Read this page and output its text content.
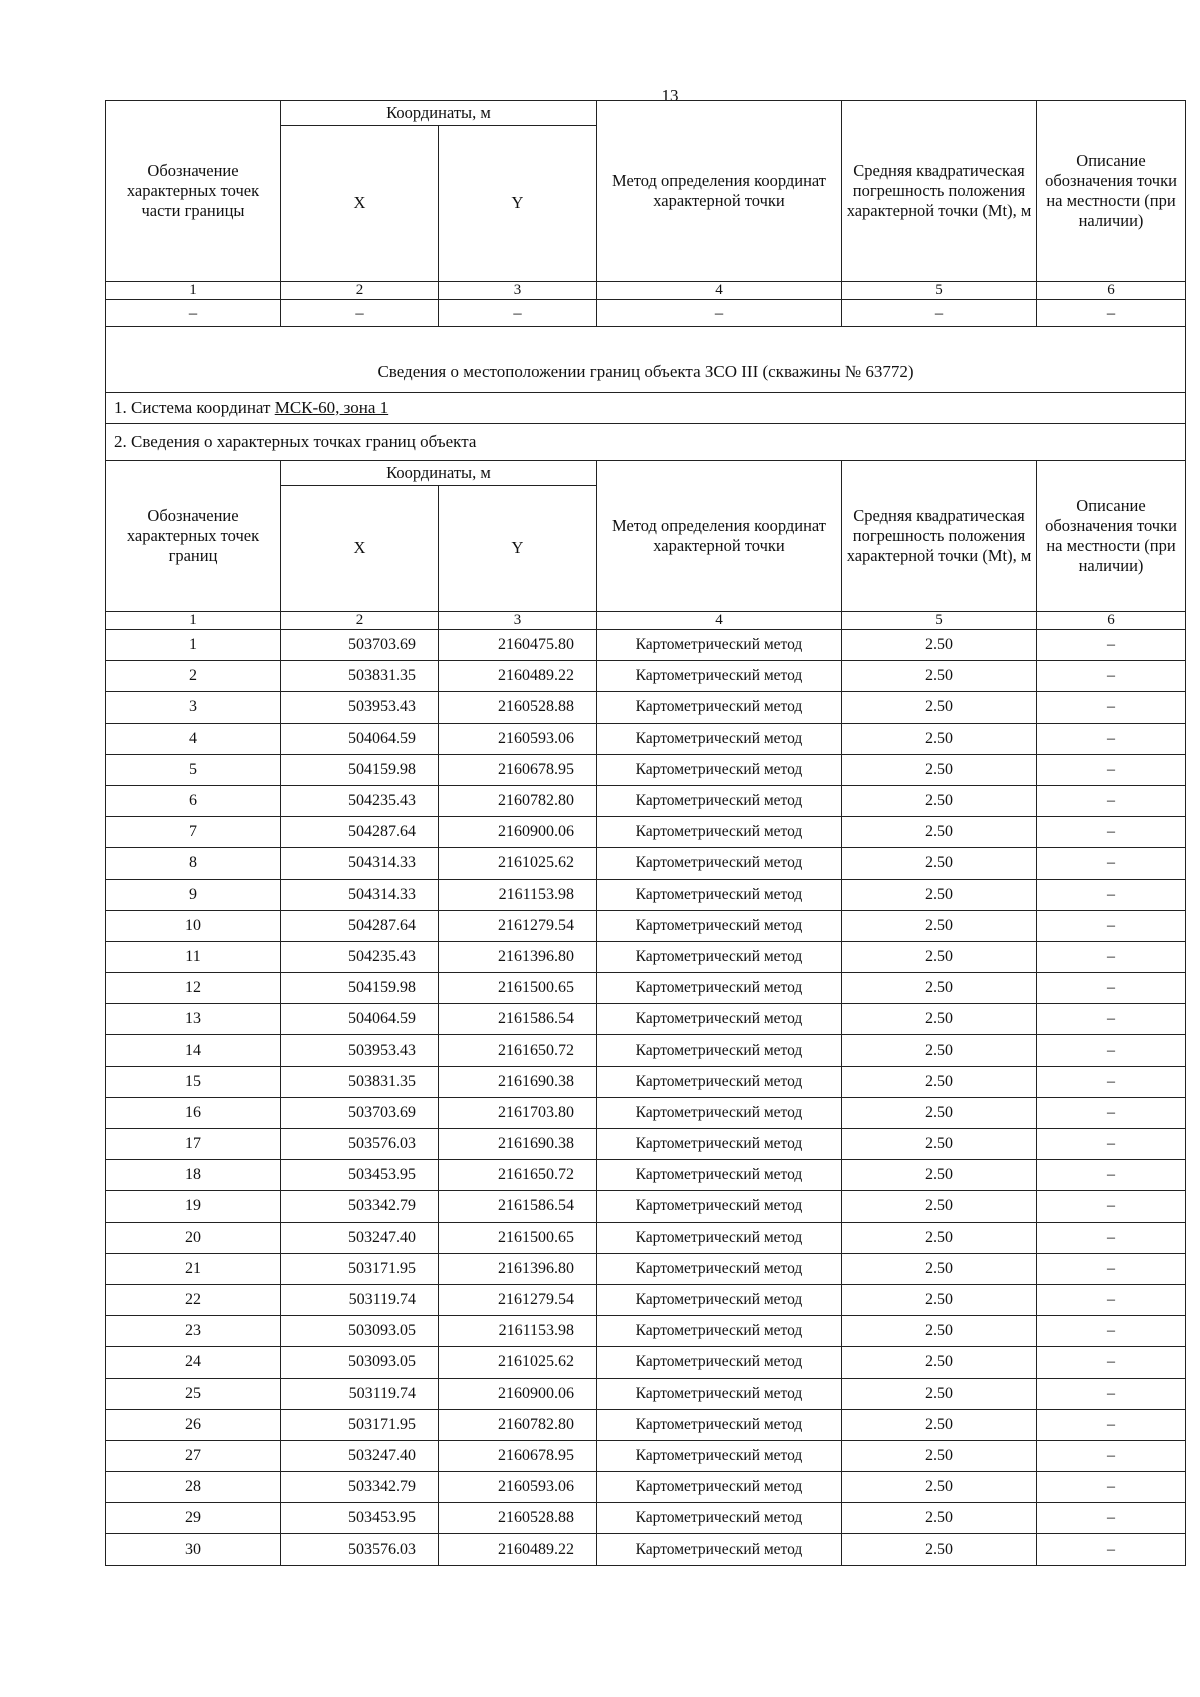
13
Обозначение характерных точек части границы	Координаты, м		Метод определения координат характерной точки	Средняя квадратическая погрешность положения характерной точки (Mt), м	Описание обозначения точки на местности (при наличии)
	X	Y			
1	2	3	4	5	6
–	–	–	–	–	–

Сведения о местоположении границ объекта ЗСО III (скважины № 63772)					
1. Система координат МСК-60, зона 1					
2. Сведения о характерных точках границ объекта					
Обозначение характерных точек границ	Координаты, м		Метод определения координат характерной точки	Средняя квадратическая погрешность положения характерной точки (Mt), м	Описание обозначения точки на местности (при наличии)
	X	Y			
1	2	3	4	5	6
1	503703.69	2160475.80	Картометрический метод	2.50	–
2	503831.35	2160489.22	Картометрический метод	2.50	–
3	503953.43	2160528.88	Картометрический метод	2.50	–
4	504064.59	2160593.06	Картометрический метод	2.50	–
5	504159.98	2160678.95	Картометрический метод	2.50	–
6	504235.43	2160782.80	Картометрический метод	2.50	–
7	504287.64	2160900.06	Картометрический метод	2.50	–
8	504314.33	2161025.62	Картометрический метод	2.50	–
9	504314.33	2161153.98	Картометрический метод	2.50	–
10	504287.64	2161279.54	Картометрический метод	2.50	–
11	504235.43	2161396.80	Картометрический метод	2.50	–
12	504159.98	2161500.65	Картометрический метод	2.50	–
13	504064.59	2161586.54	Картометрический метод	2.50	–
14	503953.43	2161650.72	Картометрический метод	2.50	–
15	503831.35	2161690.38	Картометрический метод	2.50	–
16	503703.69	2161703.80	Картометрический метод	2.50	–
17	503576.03	2161690.38	Картометрический метод	2.50	–
18	503453.95	2161650.72	Картометрический метод	2.50	–
19	503342.79	2161586.54	Картометрический метод	2.50	–
20	503247.40	2161500.65	Картометрический метод	2.50	–
21	503171.95	2161396.80	Картометрический метод	2.50	–
22	503119.74	2161279.54	Картометрический метод	2.50	–
23	503093.05	2161153.98	Картометрический метод	2.50	–
24	503093.05	2161025.62	Картометрический метод	2.50	–
25	503119.74	2160900.06	Картометрический метод	2.50	–
26	503171.95	2160782.80	Картометрический метод	2.50	–
27	503247.40	2160678.95	Картометрический метод	2.50	–
28	503342.79	2160593.06	Картометрический метод	2.50	–
29	503453.95	2160528.88	Картометрический метод	2.50	–
30	503576.03	2160489.22	Картометрический метод	2.50	–
